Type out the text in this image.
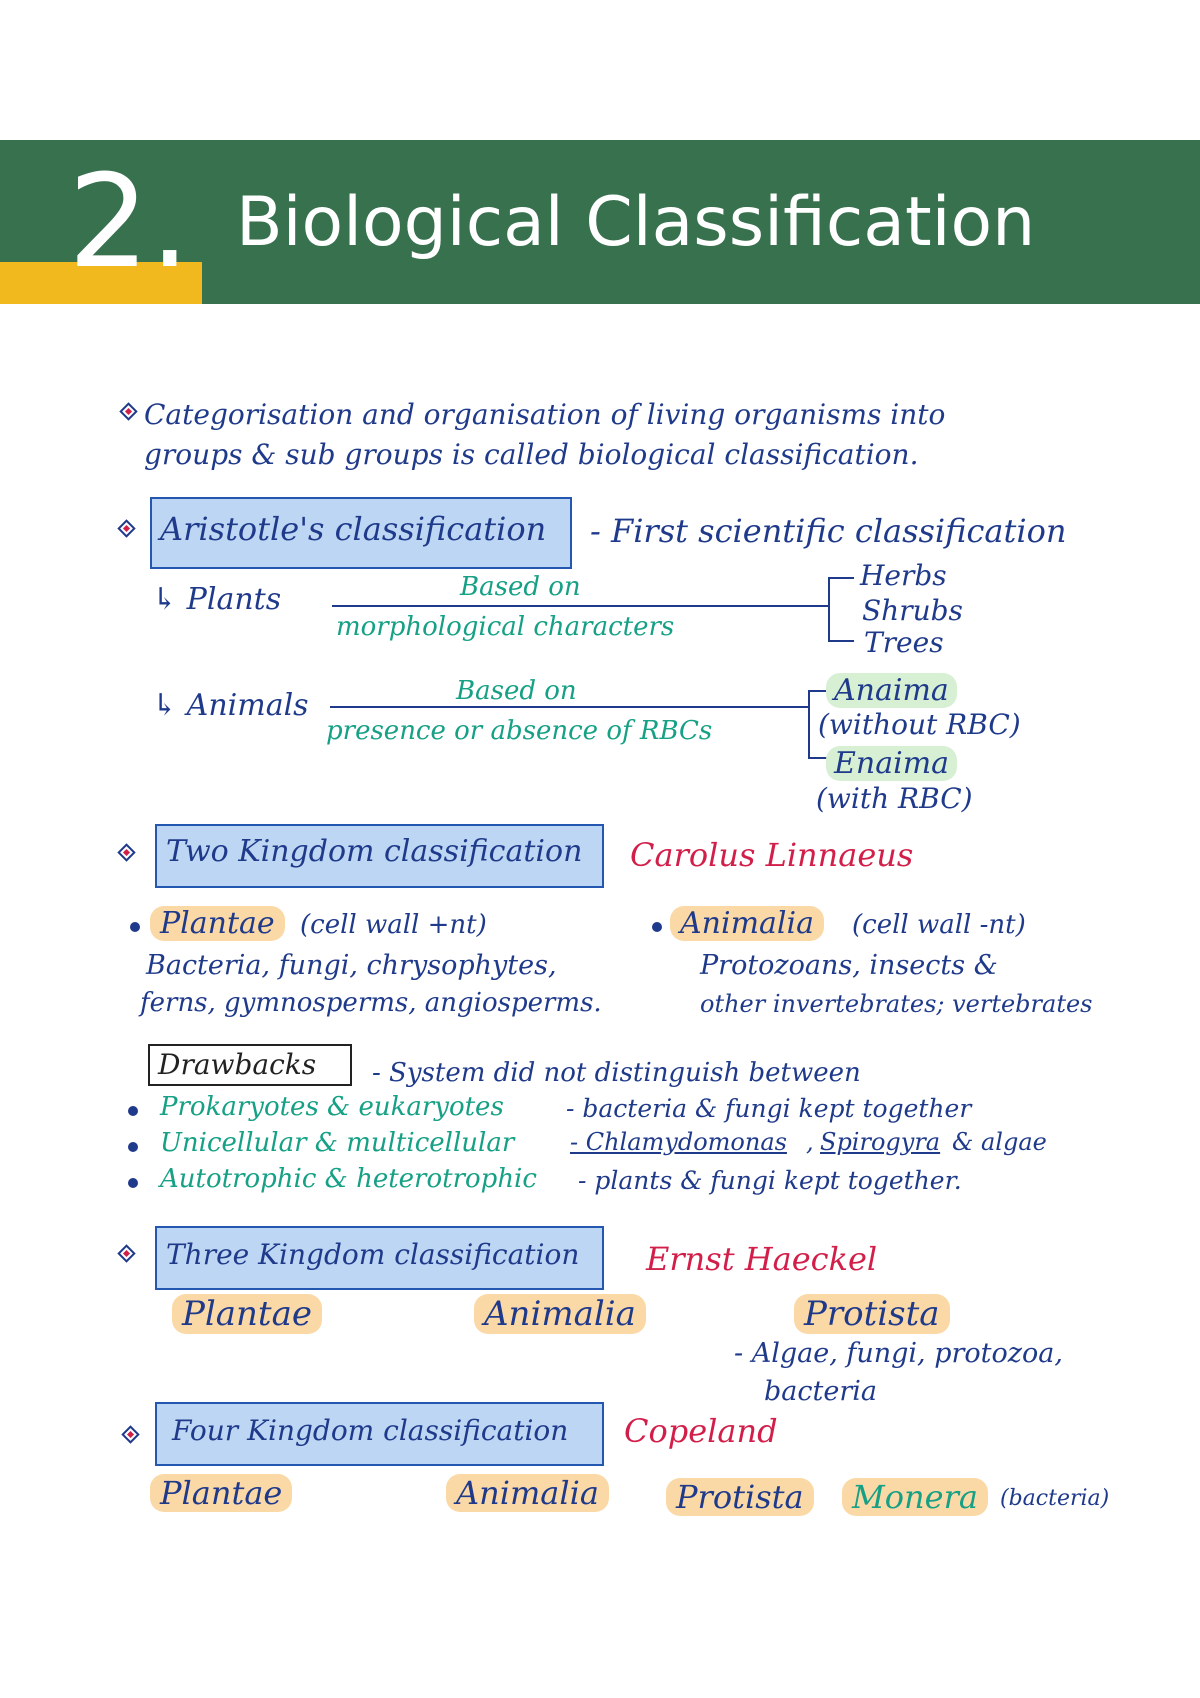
2. Biological Classification
Categorisation and organisation of living organisms into
groups & sub groups is called biological classification.
Aristotle's classification - First scientific classification
↳ Plants	Based on
morphological characters
Herbs
Shrubs
Trees
↳ Animals	Based on
presence or absence of RBCs
Anaima
(without RBC)
Enaima
(with RBC)
Two Kingdom classification Carolus Linnaeus
Plantae (cell wall +nt)
Bacteria, fungi, chrysophytes,
ferns, gymnosperms, angiosperms.
Animalia	(cell wall -nt)
Protozoans, insects &
other invertebrates; vertebrates
Drawbacks - System did not distinguish between
Prokaryotes & eukaryotes - bacteria & fungi kept together
Unicellular & multicellular - Chlamydomonas , Spirogyra & algae
Autotrophic & heterotrophic - plants & fungi kept together.
Three Kingdom classification Ernst Haeckel
Plantae	Animalia	Protista
- Algae, fungi, protozoa,
bacteria
Four Kingdom classification Copeland
Plantae	Animalia	Protista	Monera	(bacteria)
